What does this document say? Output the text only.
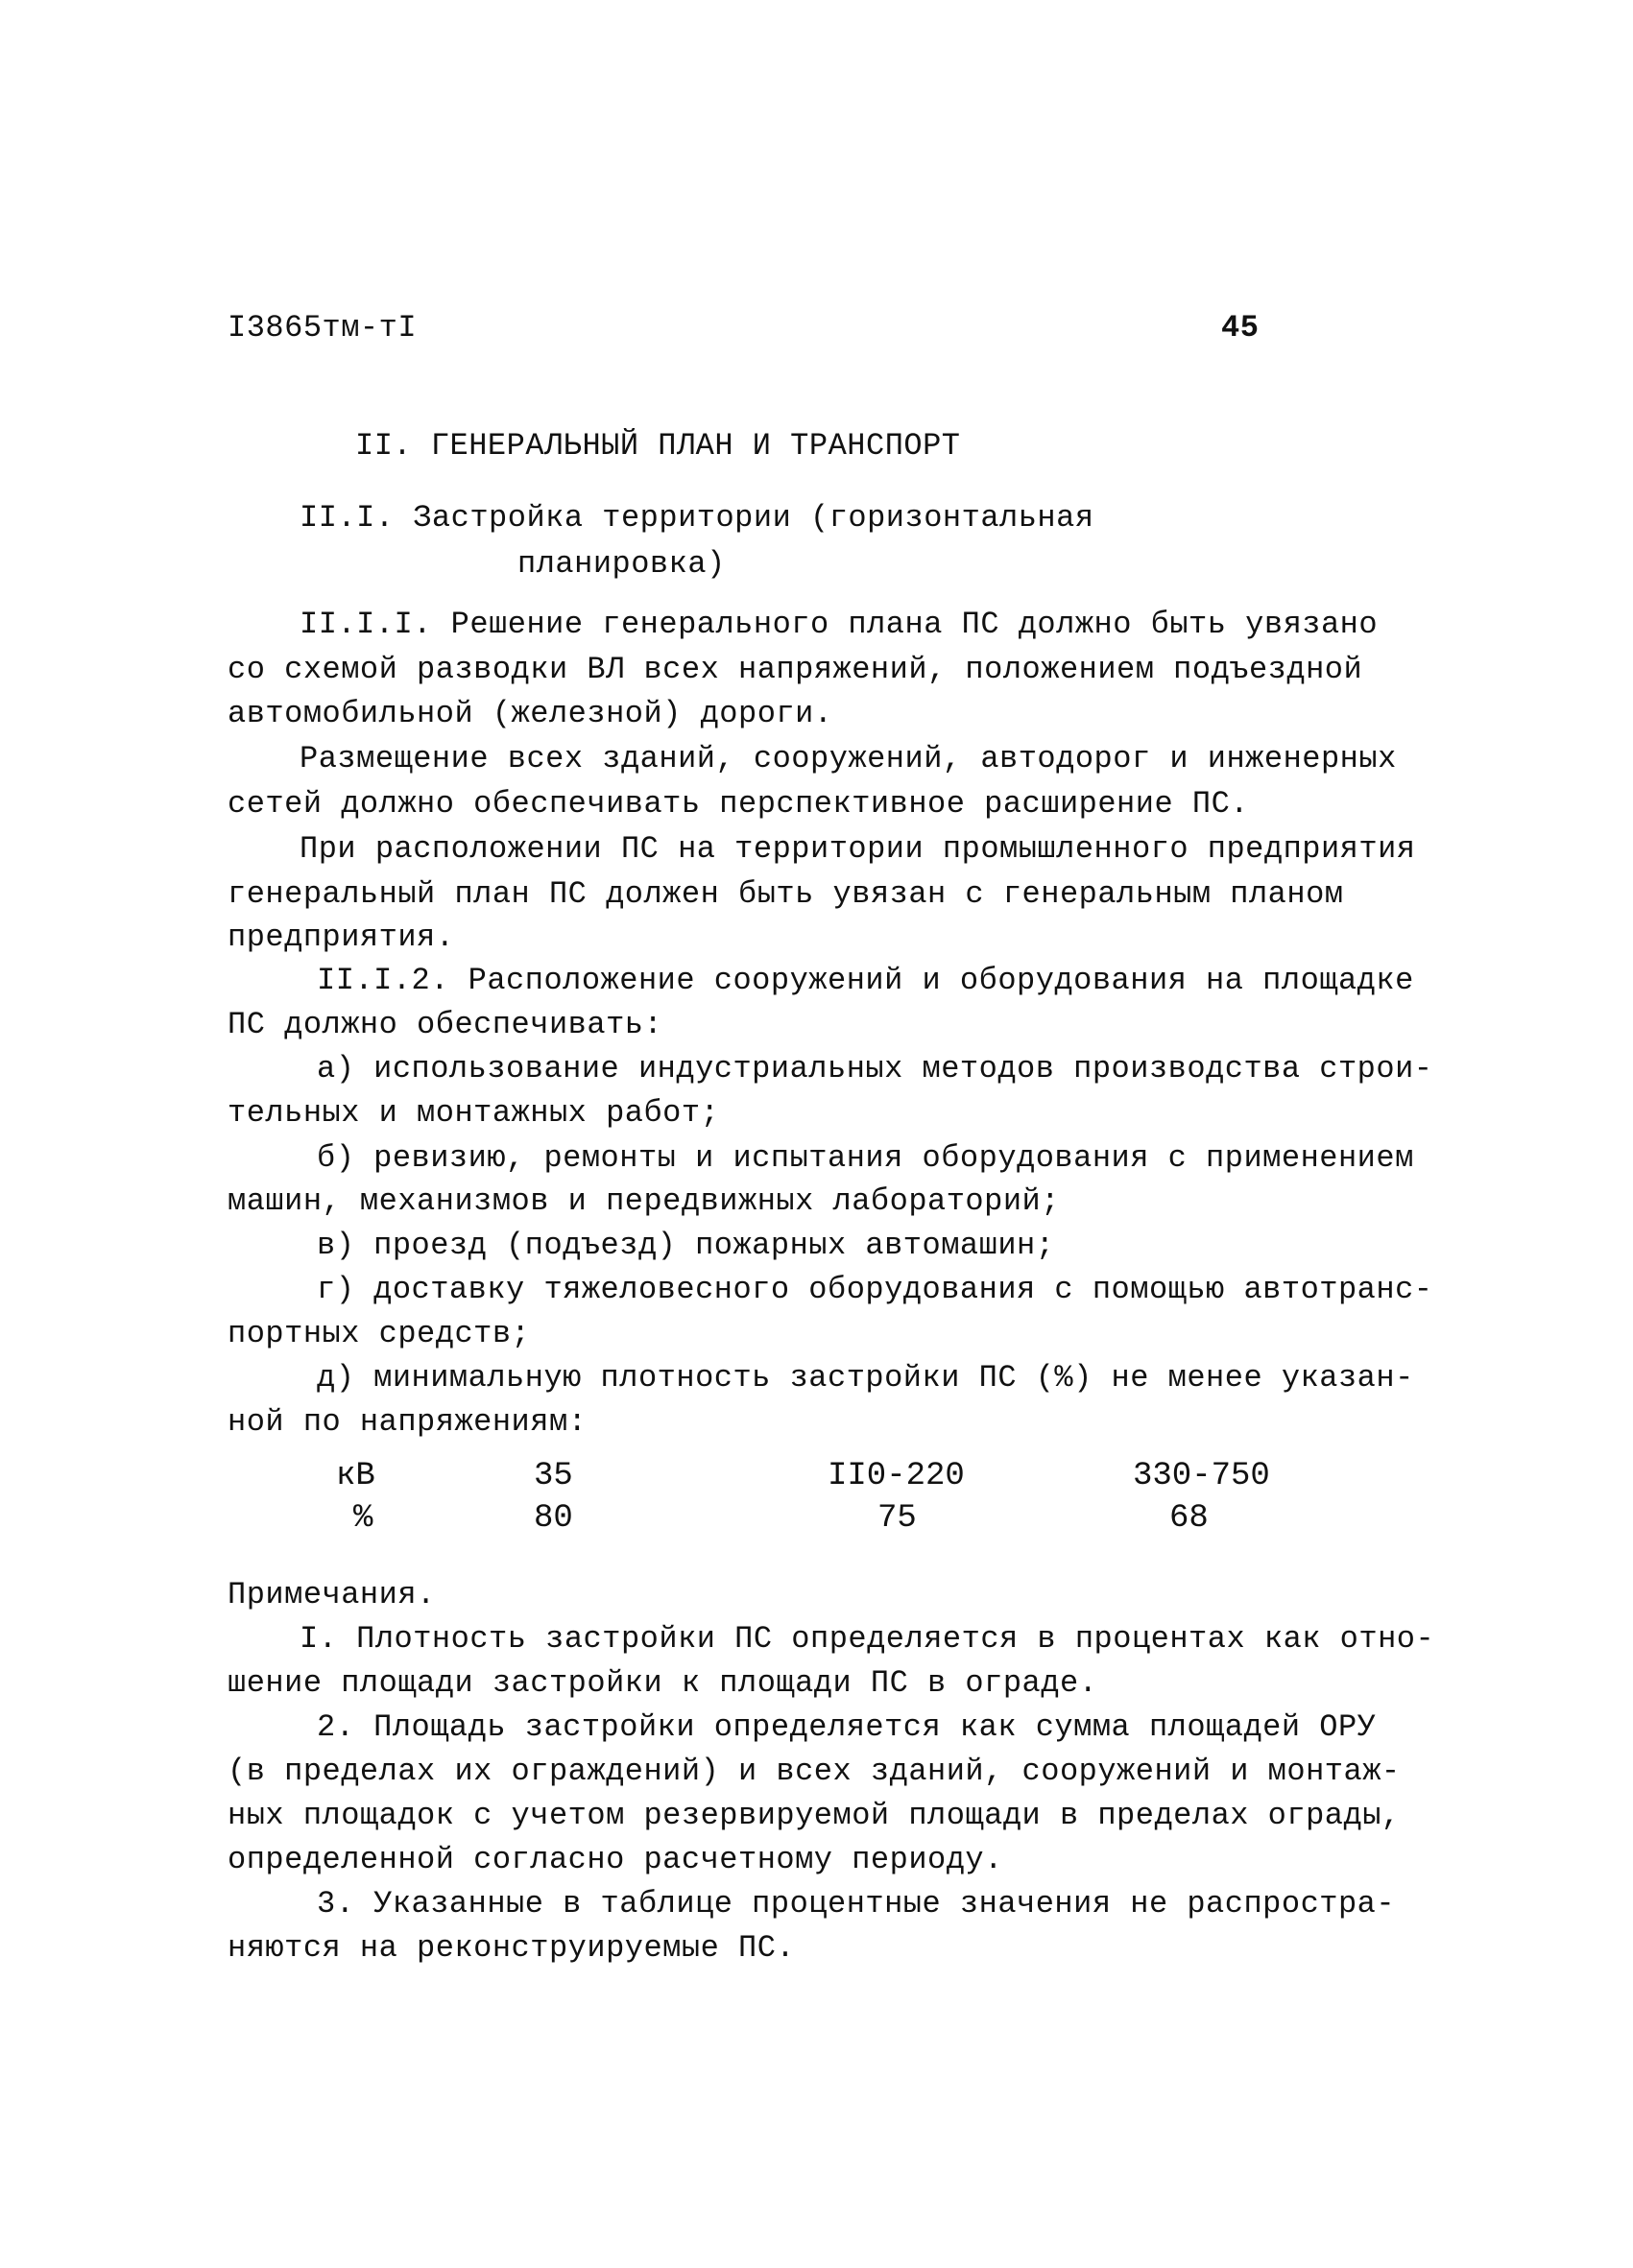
I3865тм-тI	45
II. ГЕНЕРАЛЬНЫЙ ПЛАН И ТРАНСПОРТ
II.I. Застройка территории (горизонтальная
планировка)
II.I.I. Решение генерального плана ПС должно быть увязано
со схемой разводки ВЛ всех напряжений, положением подъездной
автомобильной (железной) дороги.
Размещение всех зданий, сооружений, автодорог и инженерных
сетей должно обеспечивать перспективное расширение ПС.
При расположении ПС на территории промышленного предприятия
генеральный план ПС должен быть увязан с генеральным планом
предприятия.
II.I.2. Расположение сооружений и оборудования на площадке
ПС должно обеспечивать:
а) использование индустриальных методов производства строи-
тельных и монтажных работ;
б) ревизию, ремонты и испытания оборудования с применением
машин, механизмов и передвижных лабораторий;
в) проезд (подъезд) пожарных автомашин;
г) доставку тяжеловесного оборудования с помощью автотранс-
портных средств;
д) минимальную плотность застройки ПС (%) не менее указан-
ной по напряжениям:
кВ	35	II0-220	330-750
%	80	75	68
Примечания.
I. Плотность застройки ПС определяется в процентах как отно-
шение площади застройки к площади ПС в ограде.
2. Площадь застройки определяется как сумма площадей ОРУ
(в пределах их ограждений) и всех зданий, сооружений и монтаж-
ных площадок с учетом резервируемой площади в пределах ограды,
определенной согласно расчетному периоду.
3. Указанные в таблице процентные значения не распростра-
няются на реконструируемые ПС.
